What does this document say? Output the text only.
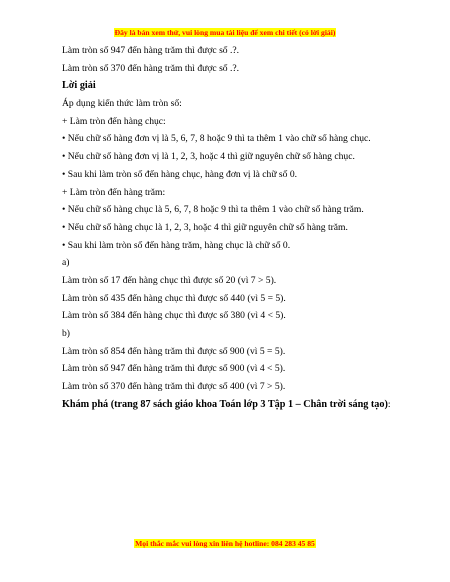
Đây là bản xem thử, vui lòng mua tài liệu để xem chi tiết (có lời giải)
Làm tròn số 947 đến hàng trăm thì được số .?.
Làm tròn số 370 đến hàng trăm thì được số .?.
Lời giải
Áp dụng kiến thức làm tròn số:
+ Làm tròn đến hàng chục:
• Nếu chữ số hàng đơn vị là 5, 6, 7, 8 hoặc 9 thì ta thêm 1 vào chữ số hàng chục.
• Nếu chữ số hàng đơn vị là 1, 2, 3, hoặc 4 thì giữ nguyên chữ số hàng chục.
• Sau khi làm tròn số đến hàng chục, hàng đơn vị là chữ số 0.
+ Làm tròn đến hàng trăm:
• Nếu chữ số hàng chục là 5, 6, 7, 8 hoặc 9 thì ta thêm 1 vào chữ số hàng trăm.
• Nếu chữ số hàng chục là 1, 2, 3, hoặc 4 thì giữ nguyên chữ số hàng trăm.
• Sau khi làm tròn số đến hàng trăm, hàng chục là chữ số 0.
a)
Làm tròn số 17 đến hàng chục thì được số 20 (vì 7 > 5).
Làm tròn số 435 đến hàng chục thì được số 440 (vì 5 = 5).
Làm tròn số 384 đến hàng chục thì được số 380 (vì 4 < 5).
b)
Làm tròn số 854 đến hàng trăm thì được số 900 (vì 5 = 5).
Làm tròn số 947 đến hàng trăm thì được số 900 (vì 4 < 5).
Làm tròn số 370 đến hàng trăm thì được số 400 (vì 7 > 5).
Khám phá (trang 87 sách giáo khoa Toán lớp 3 Tập 1 – Chân trời sáng tạo):
Mọi thắc mắc vui lòng xin liên hệ hotline: 084 283 45 85
